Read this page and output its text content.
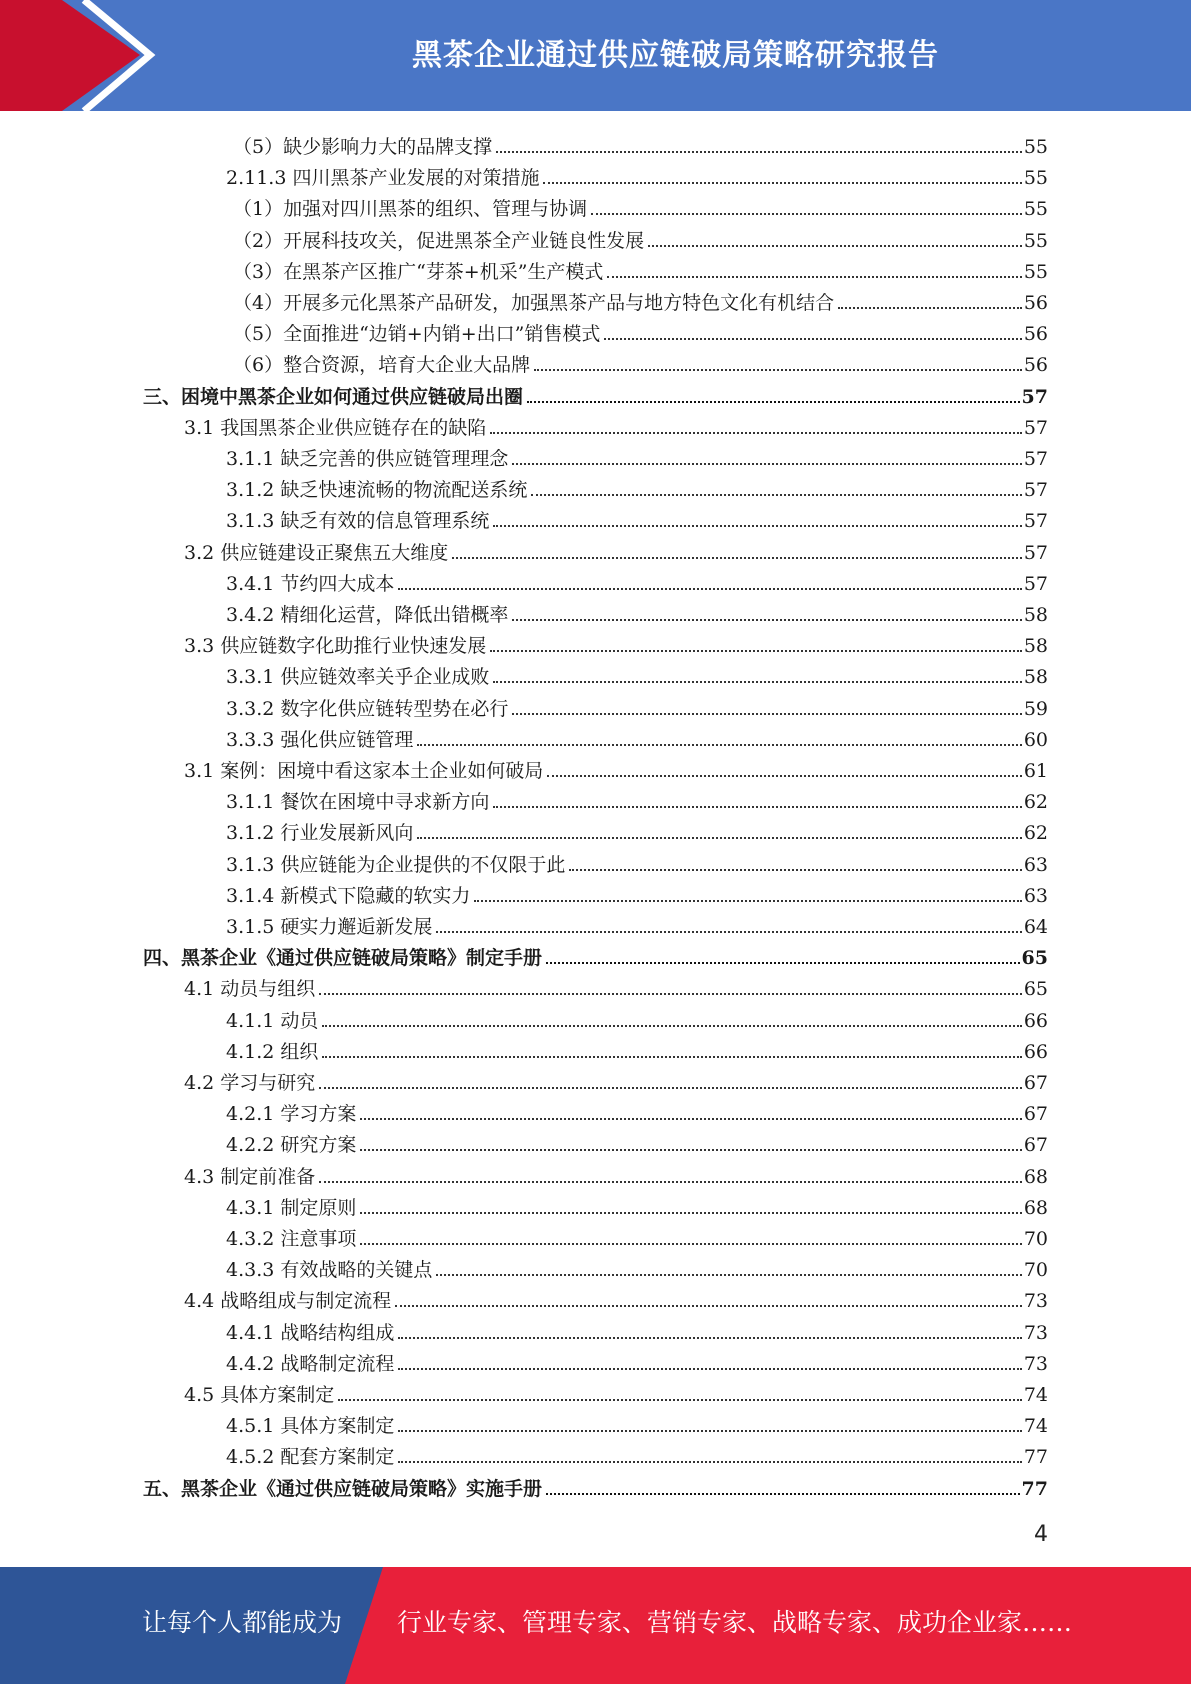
黑茶企业通过供应链破局策略研究报告
（5）缺少影响力大的品牌支撑	55
2.11.3 四川黑茶产业发展的对策措施	55
（1）加强对四川黑茶的组织、管理与协调	55
（2）开展科技攻关，促进黑茶全产业链良性发展	55
（3）在黑茶产区推广“芽茶+机采”生产模式	55
（4）开展多元化黑茶产品研发，加强黑茶产品与地方特色文化有机结合	56
（5）全面推进“边销+内销+出口”销售模式	56
（6）整合资源，培育大企业大品牌	56
三、困境中黑茶企业如何通过供应链破局出圈	57
3.1 我国黑茶企业供应链存在的缺陷	57
3.1.1 缺乏完善的供应链管理理念	57
3.1.2 缺乏快速流畅的物流配送系统	57
3.1.3 缺乏有效的信息管理系统	57
3.2 供应链建设正聚焦五大维度	57
3.4.1 节约四大成本	57
3.4.2 精细化运营，降低出错概率	58
3.3 供应链数字化助推行业快速发展	58
3.3.1 供应链效率关乎企业成败	58
3.3.2 数字化供应链转型势在必行	59
3.3.3 强化供应链管理	60
3.1 案例：困境中看这家本土企业如何破局	61
3.1.1 餐饮在困境中寻求新方向	62
3.1.2 行业发展新风向	62
3.1.3 供应链能为企业提供的不仅限于此	63
3.1.4 新模式下隐藏的软实力	63
3.1.5 硬实力邂逅新发展	64
四、黑茶企业《通过供应链破局策略》制定手册	65
4.1 动员与组织	65
4.1.1 动员	66
4.1.2 组织	66
4.2 学习与研究	67
4.2.1 学习方案	67
4.2.2 研究方案	67
4.3 制定前准备	68
4.3.1 制定原则	68
4.3.2 注意事项	70
4.3.3 有效战略的关键点	70
4.4 战略组成与制定流程	73
4.4.1 战略结构组成	73
4.4.2 战略制定流程	73
4.5 具体方案制定	74
4.5.1 具体方案制定	74
4.5.2 配套方案制定	77
五、黑茶企业《通过供应链破局策略》实施手册	77
4
让每个人都能成为 行业专家、管理专家、营销专家、战略专家、成功企业家……
